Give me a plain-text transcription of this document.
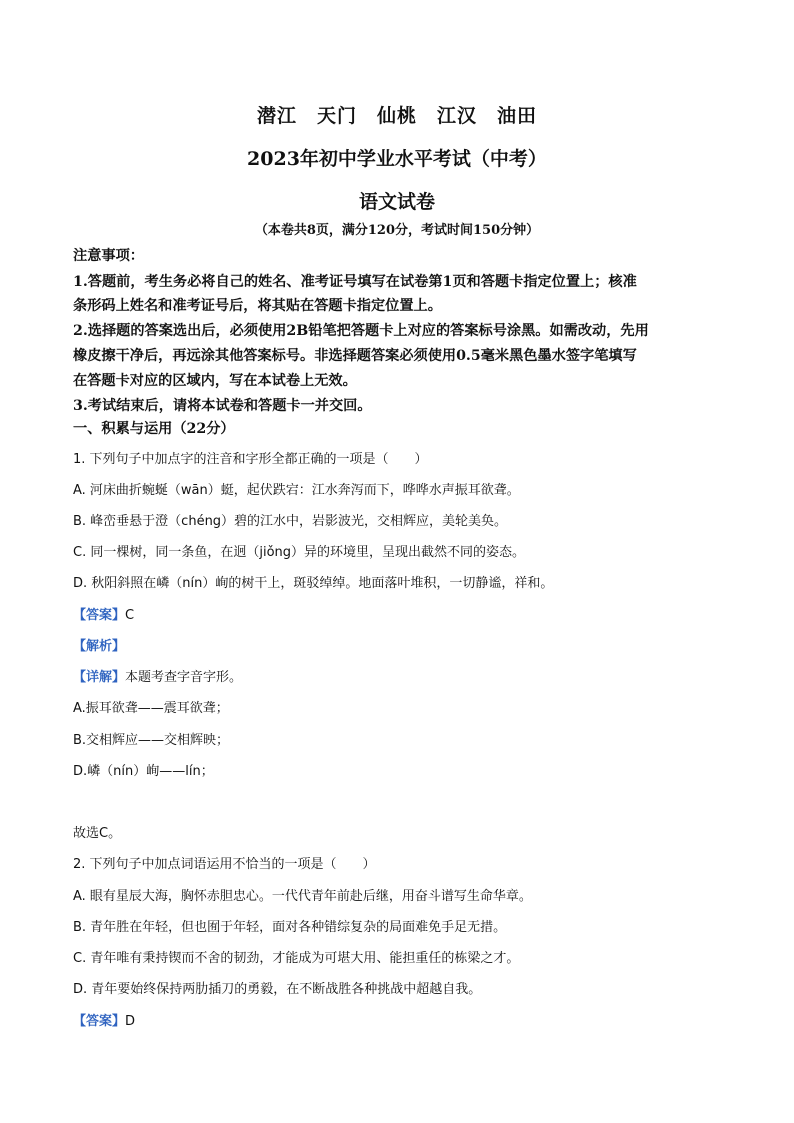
潜江　天门　仙桃　江汉　油田
2023年初中学业水平考试（中考）
语文试卷
（本卷共8页，满分120分，考试时间150分钟）
注意事项：
1.答题前，考生务必将自己的姓名、准考证号填写在试卷第1页和答题卡指定位置上；核准
条形码上姓名和准考证号后，将其贴在答题卡指定位置上。
2.选择题的答案选出后，必须使用2B铅笔把答题卡上对应的答案标号涂黑。如需改动，先用
橡皮擦干净后，再远涂其他答案标号。非选择题答案必须使用0.5毫米黑色墨水签字笔填写
在答题卡对应的区域内，写在本试卷上无效。
3.考试结束后，请将本试卷和答题卡一并交回。
一、积累与运用（22分）
1. 下列句子中加点字的注音和字形全都正确的一项是（　　）
A. 河床曲折蜿蜒（wān）蜓，起伏跌宕：江水奔泻而下，哗哗水声振耳欲聋。
B. 峰峦垂悬于澄（chéng）碧的江水中，岩影波光，交相辉应，美轮美奂。
C. 同一棵树，同一条鱼，在迥（jiǒng）异的环境里，呈现出截然不同的姿态。
D. 秋阳斜照在嶙（nín）峋的树干上，斑驳绰绰。地面落叶堆积，一切静谧，祥和。
【答案】C
【解析】
【详解】本题考查字音字形。
A.振耳欲聋——震耳欲聋；
B.交相辉应——交相辉映；
D.嶙（nín）峋——lín；
故选C。
2. 下列句子中加点词语运用不恰当的一项是（　　）
A. 眼有星辰大海，胸怀赤胆忠心。一代代青年前赴后继，用奋斗谱写生命华章。
B. 青年胜在年轻，但也囿于年轻，面对各种错综复杂的局面难免手足无措。
C. 青年唯有秉持锲而不舍的韧劲，才能成为可堪大用、能担重任的栋梁之才。
D. 青年要始终保持两肋插刀的勇毅，在不断战胜各种挑战中超越自我。
【答案】D
